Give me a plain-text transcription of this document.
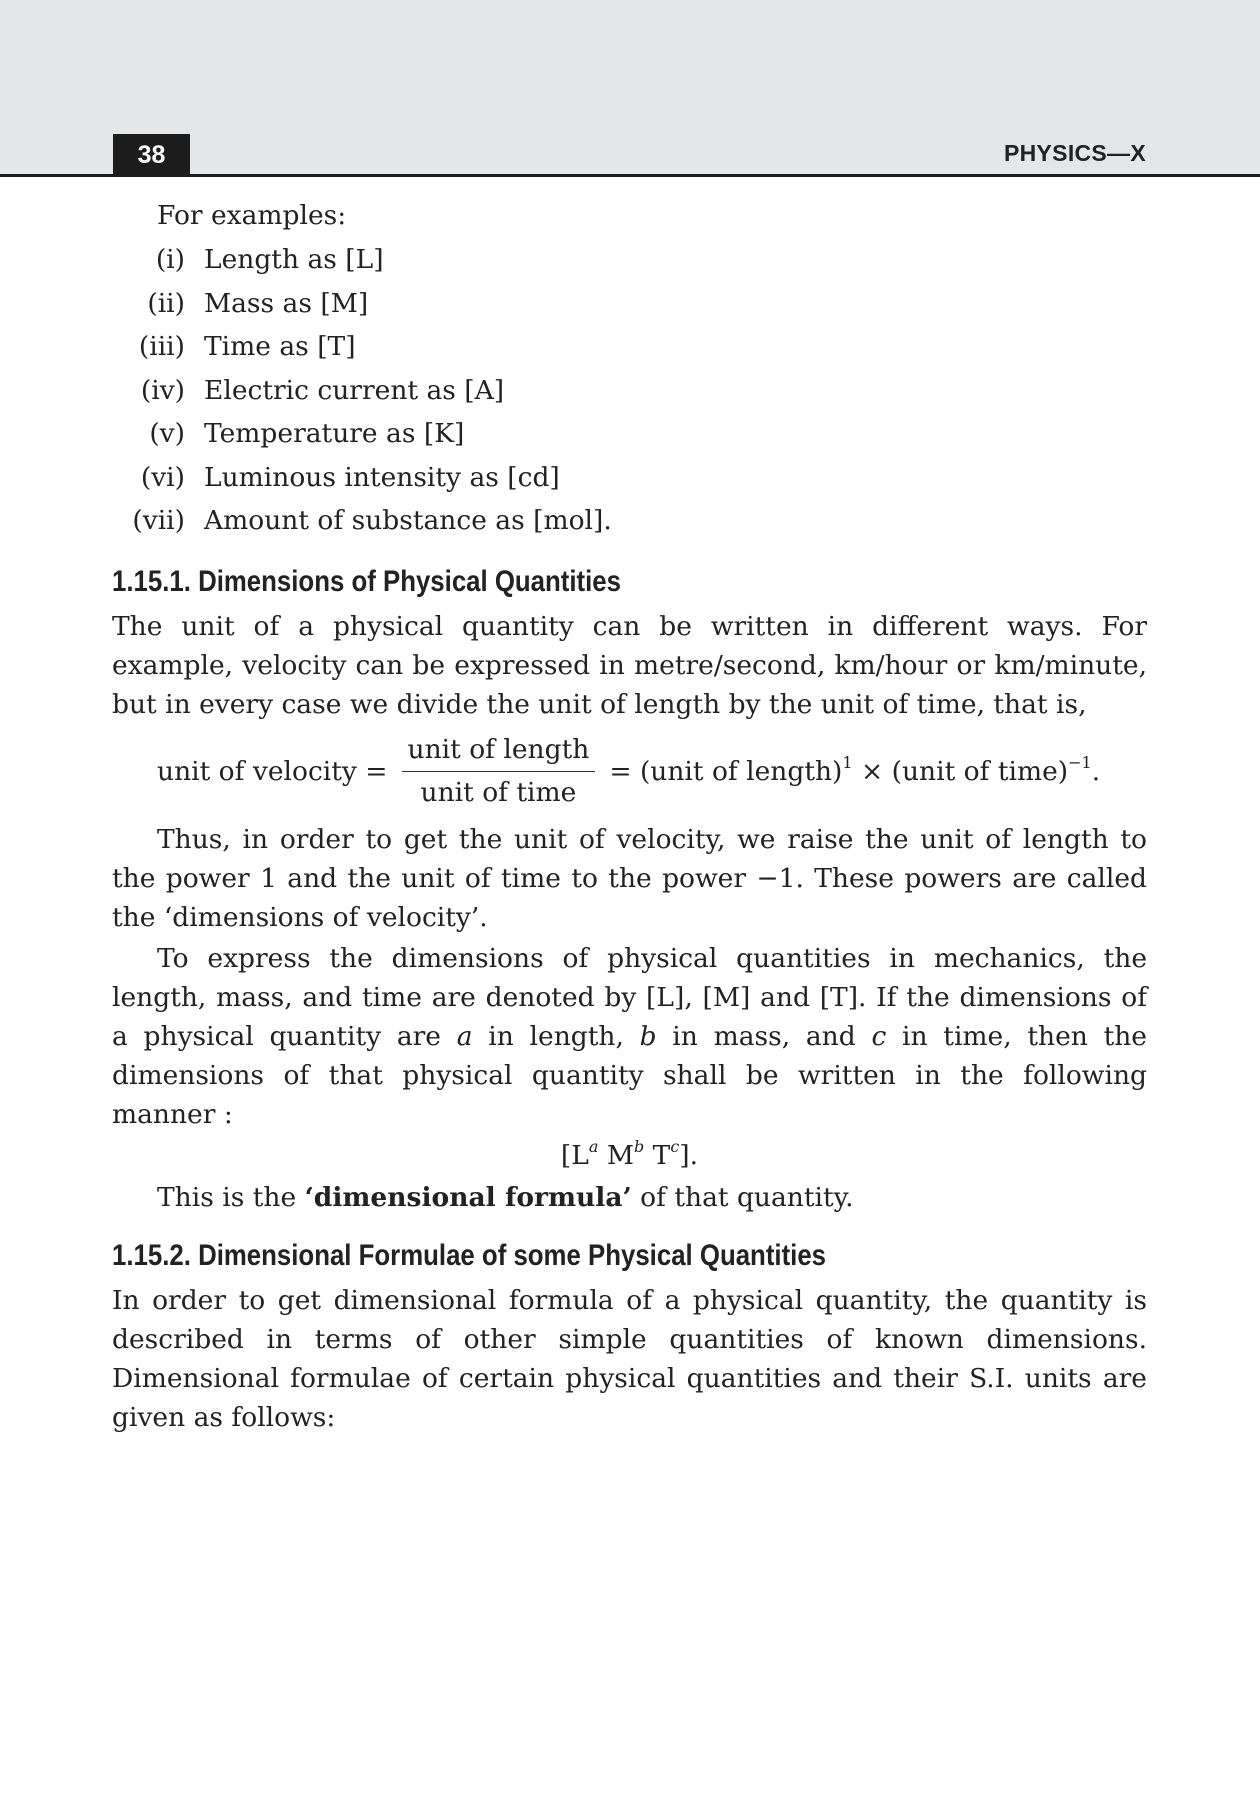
38	PHYSICS—X
For examples:
(i) Length as [L]
(ii) Mass as [M]
(iii) Time as [T]
(iv) Electric current as [A]
(v) Temperature as [K]
(vi) Luminous intensity as [cd]
(vii) Amount of substance as [mol].
1.15.1. Dimensions of Physical Quantities

The unit of a physical quantity can be written in different ways. For example, velocity can be expressed in metre/second, km/hour or km/minute, but in every case we divide the unit of length by the unit of time, that is,

unit of velocity = $\frac{\text{unit of length}}{\text{unit of time}}$ = (unit of length)$^1$ × (unit of time)$^{-1}$.

Thus, in order to get the unit of velocity, we raise the unit of length to the power 1 and the unit of time to the power −1. These powers are called the ‘dimensions of velocity’.

To express the dimensions of physical quantities in mechanics, the length, mass, and time are denoted by [L], [M] and [T]. If the dimensions of a physical quantity are a in length, b in mass, and c in time, then the dimensions of that physical quantity shall be written in the following manner :

[$L^a$ $M^b$ $T^c$].

This is the ‘dimensional formula’ of that quantity.

1.15.2. Dimensional Formulae of some Physical Quantities

In order to get dimensional formula of a physical quantity, the quantity is described in terms of other simple quantities of known dimensions. Dimensional formulae of certain physical quantities and their S.I. units are given as follows:
